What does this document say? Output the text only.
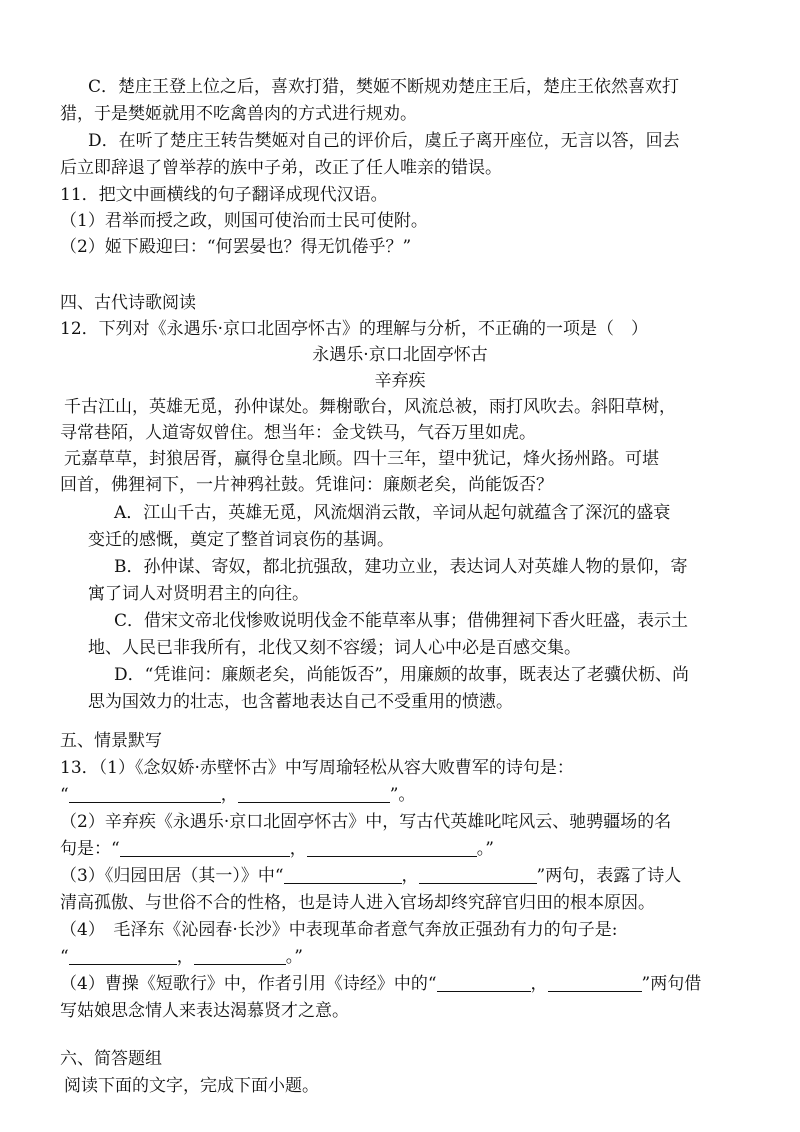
C．楚庄王登上位之后，喜欢打猎，樊姬不断规劝楚庄王后，楚庄王依然喜欢打
猎，于是樊姬就用不吃禽兽肉的方式进行规劝。
D．在听了楚庄王转告樊姬对自己的评价后，虞丘子离开座位，无言以答，回去
后立即辞退了曾举荐的族中子弟，改正了任人唯亲的错误。
11．把文中画横线的句子翻译成现代汉语。
（1）君举而授之政，则国可使治而士民可使附。
（2）姬下殿迎曰：“何罢晏也？得无饥倦乎？”
四、古代诗歌阅读
12．下列对《永遇乐·京口北固亭怀古》的理解与分析，不正确的一项是（　）
永遇乐·京口北固亭怀古
辛弃疾
千古江山，英雄无觅，孙仲谋处。舞榭歌台，风流总被，雨打风吹去。斜阳草树，
寻常巷陌，人道寄奴曾住。想当年：金戈铁马，气吞万里如虎。
元嘉草草，封狼居胥，赢得仓皇北顾。四十三年，望中犹记，烽火扬州路。可堪
回首，佛狸祠下，一片神鸦社鼓。凭谁问：廉颇老矣，尚能饭否？
A．江山千古，英雄无觅，风流烟消云散，辛词从起句就蕴含了深沉的盛衰
变迁的感慨，奠定了整首词哀伤的基调。
B．孙仲谋、寄奴，都北抗强敌，建功立业，表达词人对英雄人物的景仰，寄
寓了词人对贤明君主的向往。
C．借宋文帝北伐惨败说明伐金不能草率从事；借佛狸祠下香火旺盛，表示土
地、人民已非我所有，北伐又刻不容缓；词人心中必是百感交集。
D．“凭谁问：廉颇老矣，尚能饭否”，用廉颇的故事，既表达了老骥伏枥、尚
思为国效力的壮志，也含蓄地表达自己不受重用的愤懑。
五、情景默写
13．（1）《念奴娇·赤壁怀古》中写周瑜轻松从容大败曹军的诗句是：
“	，	”。
（2）辛弃疾《永遇乐·京口北固亭怀古》中，写古代英雄叱咤风云、驰骋疆场的名
句是：“	，	。”
（3）《归园田居（其一）》中“	，	”两句，表露了诗人
清高孤傲、与世俗不合的性格，也是诗人进入官场却终究辞官归田的根本原因。
（4）　毛泽东《沁园春·长沙》中表现革命者意气奔放正强劲有力的句子是:
“	，	。”
（4）曹操《短歌行》中，作者引用《诗经》中的“	，	”两句借
写姑娘思念情人来表达渴慕贤才之意。
六、简答题组
阅读下面的文字，完成下面小题。
